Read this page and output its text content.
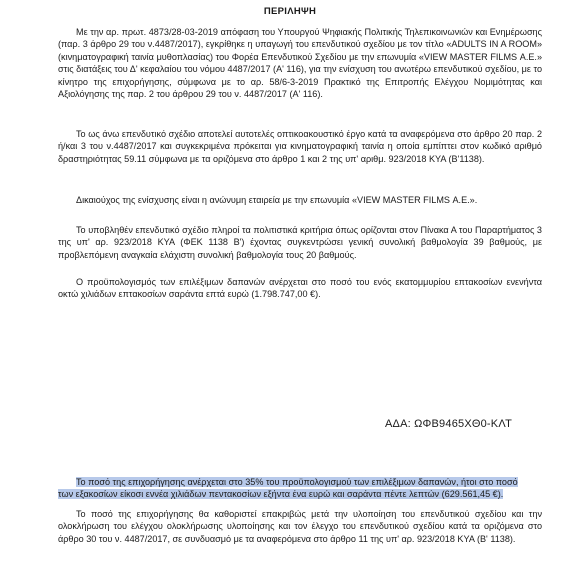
ΠΕΡΙΛΗΨΗ
Με την αρ. πρωτ. 4873/28-03-2019 απόφαση του Υπουργού Ψηφιακής Πολιτικής Τηλεπικοινωνιών και Ενημέρωσης (παρ. 3 άρθρο 29 του ν.4487/2017), εγκρίθηκε η υπαγωγή του επενδυτικού σχεδίου με τον τίτλο «ADULTS IN A ROOM» (κινηματογραφική ταινία μυθοπλασίας) του Φορέα Επενδυτικού Σχεδίου με την επωνυμία «VIEW MASTER FILMS Α.Ε.» στις διατάξεις του Δ' κεφαλαίου του νόμου 4487/2017 (Α' 116), για την ενίσχυση του ανωτέρω επενδυτικού σχεδίου, με το κίνητρο της επιχορήγησης, σύμφωνα με το αρ. 58/6-3-2019 Πρακτικό της Επιτροπής Ελέγχου Νομιμότητας και Αξιολόγησης της παρ. 2 του άρθρου 29 του ν. 4487/2017 (Α' 116).
Το ως άνω επενδυτικό σχέδιο αποτελεί αυτοτελές οπτικοακουστικό έργο κατά τα αναφερόμενα στο άρθρο 20 παρ. 2 ή/και 3 του ν.4487/2017 και συγκεκριμένα πρόκειται για κινηματογραφική ταινία η οποία εμπίπτει στον κωδικό αριθμό δραστηριότητας 59.11 σύμφωνα με τα οριζόμενα στο άρθρο 1 και 2 της υπ' αριθμ. 923/2018 ΚΥΑ (Β'1138).
Δικαιούχος της ενίσχυσης είναι η ανώνυμη εταιρεία με την επωνυμία «VIEW MASTER FILMS Α.Ε.».
Το υποβληθέν επενδυτικό σχέδιο πληροί τα πολιτιστικά κριτήρια όπως ορίζονται στον Πίνακα Α του Παραρτήματος 3 της υπ' αρ. 923/2018 ΚΥΑ (ΦΕΚ 1138 Β') έχοντας συγκεντρώσει γενική συνολική βαθμολογία 39 βαθμούς, με προβλεπόμενη αναγκαία ελάχιστη συνολική βαθμολογία τους 20 βαθμούς.
Ο προϋπολογισμός των επιλέξιμων δαπανών ανέρχεται στο ποσό του ενός εκατομμυρίου επτακοσίων ενενήντα οκτώ χιλιάδων επτακοσίων σαράντα επτά ευρώ (1.798.747,00 €).
ΑΔΑ: ΩΦΒ9465ΧΘ0-ΚΛΤ
Το ποσό της επιχορήγησης ανέρχεται στο 35% του προϋπολογισμού των επιλέξιμων δαπανών, ήτοι στο ποσό
των εξακοσίων είκοσι εννέα χιλιάδων πεντακοσίων εξήντα ένα ευρώ και σαράντα πέντε λεπτών (629.561,45 €).
Το ποσό της επιχορήγησης θα καθοριστεί επακριβώς μετά την υλοποίηση του επενδυτικού σχεδίου και την ολοκλήρωση του ελέγχου ολοκλήρωσης υλοποίησης και τον έλεγχο του επενδυτικού σχεδίου κατά τα οριζόμενα στο άρθρο 30 του ν. 4487/2017, σε συνδυασμό με τα αναφερόμενα στο άρθρο 11 της υπ' αρ. 923/2018 ΚΥΑ (Β' 1138).
